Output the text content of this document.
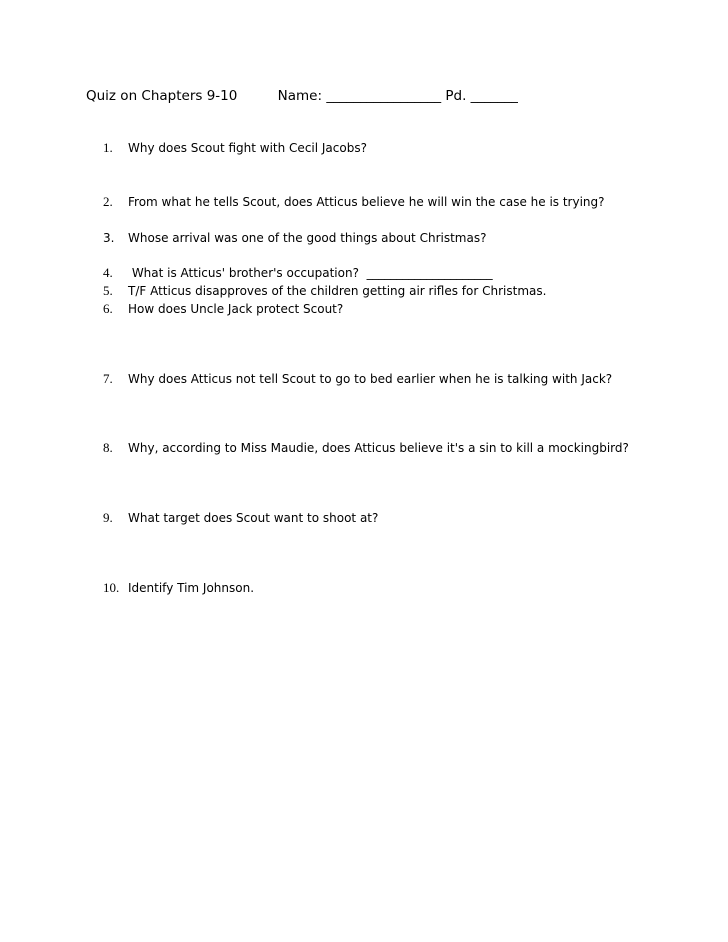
Quiz on Chapters 9-10	Name: _________________ Pd. _______
1. Why does Scout fight with Cecil Jacobs?
2. From what he tells Scout, does Atticus believe he will win the case he is trying?
3. Whose arrival was one of the good things about Christmas?
4. What is Atticus' brother's occupation?  _____________________
5. T/F Atticus disapproves of the children getting air rifles for Christmas.
6. How does Uncle Jack protect Scout?
7. Why does Atticus not tell Scout to go to bed earlier when he is talking with Jack?
8. Why, according to Miss Maudie, does Atticus believe it's a sin to kill a mockingbird?
9. What target does Scout want to shoot at?
10. Identify Tim Johnson.
